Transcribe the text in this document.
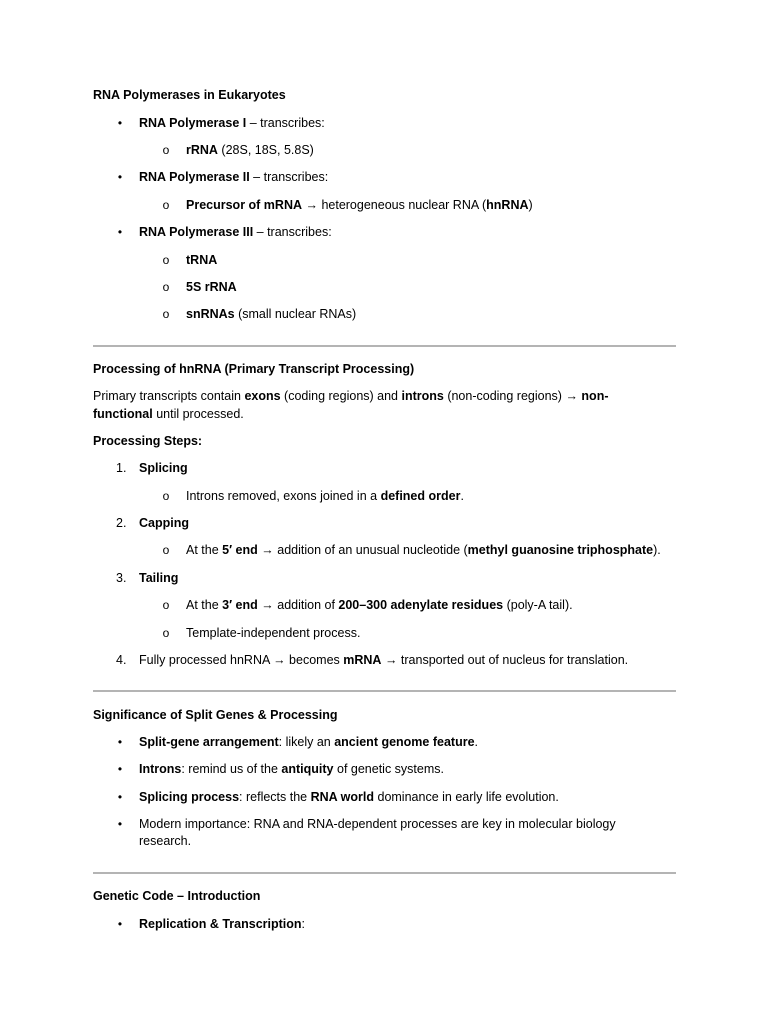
RNA Polymerases in Eukaryotes
•	RNA Polymerase I – transcribes:
o rRNA (28S, 18S, 5.8S)
•	RNA Polymerase II – transcribes:
o Precursor of mRNA → heterogeneous nuclear RNA (hnRNA)
•	RNA Polymerase III – transcribes:
o tRNA
o 5S rRNA
o snRNAs (small nuclear RNAs)
Processing of hnRNA (Primary Transcript Processing)
Primary transcripts contain exons (coding regions) and introns (non-coding regions) → non-
functional until processed.
Processing Steps:
1. Splicing
o Introns removed, exons joined in a defined order.
2. Capping
o At the 5′ end → addition of an unusual nucleotide (methyl guanosine triphosphate).
3. Tailing
o At the 3′ end → addition of 200–300 adenylate residues (poly-A tail).
o Template-independent process.
4. Fully processed hnRNA → becomes mRNA → transported out of nucleus for translation.
Significance of Split Genes & Processing
•	Split-gene arrangement: likely an ancient genome feature.
•	Introns: remind us of the antiquity of genetic systems.
•	Splicing process: reflects the RNA world dominance in early life evolution.
•	Modern importance: RNA and RNA-dependent processes are key in molecular biology
research.
Genetic Code – Introduction
•	Replication & Transcription:
